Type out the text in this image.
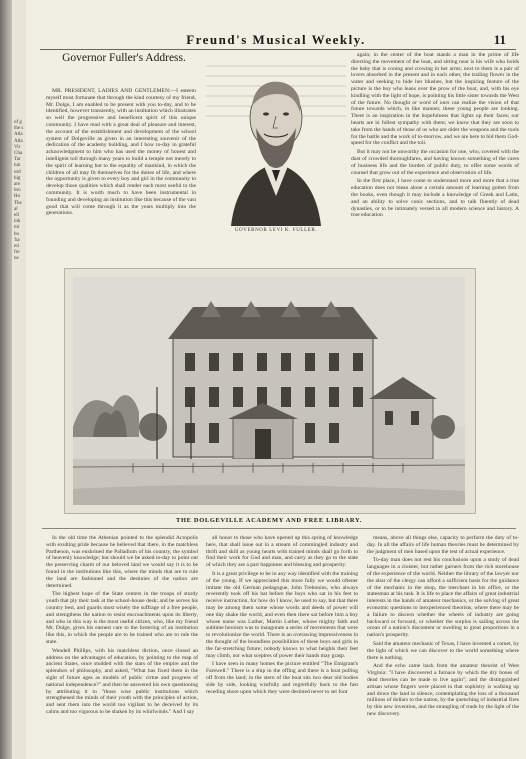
of g
the s
Atla
Atla
Vir
Cha
Tar
tun
ord
hig
are
bro
Ho
The
al
ell
ink
mi
bu
'ha
ed
fre
ne
Freund's Musical Weekly.	11
Governor Fuller's Address.

MR. PRESIDENT, LADIES AND GENTLEMEN:—I esteem myself most fortunate that through the kind courtesy of my friend, Mr. Dolge, I am enabled to be present with you to-day, and to be identified, however transiently, with an institution which illustrates so well the progressive and beneficent spirit of this unique community. I have read with a great deal of pleasure and interest, the account of the establishment and development of the school system of Dolgeville as given in an interesting souvenir of the dedication of the academy building, and I bow to-day in grateful acknowledgment to him who has used the money of honest and intelligent toil through many years to build a temple not merely to the spirit of learning but to the equality of mankind, in which the children of all may fit themselves for the duties of life, and where the opportunity is given to every boy and girl in the community to develop those qualities which shall render each most useful to the community. It is worth much to have been instrumental in founding and developing an institution like this because of the vast good that will come through it as the years multiply into the generations.

GOVERNOR LEVI K. FULLER.

again; in the center of the boat stands a man in the prime of life directing the movement of the boat, and sitting near is his wife who holds the baby that is cooing and crowing in her arms; next to them is a pair of lovers absorbed in the present and in each other, the trailing flower in the water and seeking to hide her blushes, but the inspiring feature of the picture is the boy who leans over the prow of the boat, and, with his eye kindling with the light of hope, is pointing his little sister towards the West of the future. No thought or word of ours can realize the vision of that future towards which, in like manner, these young people are looking. There is an inspiration in the hopefulness that lights up their faces; our hearts are in fullest sympathy with them; we know that they are soon to take from the hands of those of us who are older the weapons and the tools for the battle and the work of to-morrow, and we are here to bid them God-speed for the conflict and the toil.

But it may not be unworthy the occasion for one, who, covered with the dust of crowded thoroughfares, and having known something of the cares of business life and the burden of public duty, to offer some words of counsel that grow out of the experience and observation of life.

In the first place, I have come to understand more and more that a true education does not mean alone a certain amount of learning gotten from the books, even though it may include a knowledge of Greek and Latin, and an ability to solve conic sections, and to talk fluently of dead dynasties, or to be intimately versed in all modern science and history. A true education

THE DOLGEVILLE ACADEMY AND FREE LIBRARY.

In the old time the Athenian pointed to the splendid Acropolis with exulting pride because he believed that there, in the matchless Parthenon, was enshrined the Palladium of his country, the symbol of heavenly knowledge; but should we be asked to-day to point out the preserving charm of our beloved land we would say it is to be found in the institutions like this, where the minds that are to rule the land are fashioned and the destinies of the nation are determined.

The highest hope of the State centers in the troops of sturdy youth that ply their task at the school-house desk; and he serves his country best, and guards most wisely the suffrage of a free people, and strengthens the nation to resist encroachments upon its liberty, and who in this way is the most useful citizen, who, like my friend Mr. Dolge, gives his earnest care to the fostering of an institution like this, in which the people are to be trained who are to rule the state.

Wendell Phillips, with his matchless diction, once closed an address on the advantages of education, by pointing to the map of ancient States, once studded with the stars of the empire and the splendors of philosophy, and asked, "What has fixed them in the sight of future ages as models of public virtue and progress of national independence?" and then he answered his own questioning by attributing it to "those wise public institutions which strengthened the minds of their youth with the principles of action, and sent them into the world too vigilant to be deceived by its calms and too vigorous to be shaken by its whirlwinds." And I say

all honor to those who have opened up this spring of knowledge here, that shall issue out in a stream of commingled industry and thrift and skill as young hearts with trained minds shall go forth to find their work for God and man, and carry as they go to the state of which they are a part happiness and blessing and prosperity.

It is a great privilege to be in any way identified with the training of the young. If we appreciated this more fully we would oftener imitate the old German pedagogue, John Trebonius, who always reverently took off his hat before the boys who sat in his feet to receive instruction, for how do I know, he used to say, but that there may be among them some whose words and deeds of power will one day shake the world, and even then there sat before him a boy whose name was Luther, Martin Luther, whose mighty faith and sublime heroism was to inaugurate a series of movements that were to revolutionize the world. There is an overawing impressiveness in the thought of the boundless possibilities of these boys and girls in the far-stretching future; nobody knows to what heights their feet may climb, nor what sceptres of power their hands may grasp.

I have seen in many homes the picture entitled "The Emigrant's Farewell." There is a ship in the offing and there is a boat pulling off from the land; in the stern of the boat sits two dear old bodies side by side, looking wistfully and regretfully back to the fast receding shore upon which they were destined never to set foot

means, above all things else, capacity to perform the duty of to-day. In all the affairs of life human theories must be determined by the judgment of men based upon the test of actual experience.

To-day man does not rest his conclusions upon a study of dead languages in a cloister, but rather garners from the rich storehouse of the experience of the world. Neither the library of the lawyer nor the altar of the clergy can afford a sufficient basis for the guidance of the mechanic in the shop, the merchant in his office, or the statesman at his task. It is life to place the affairs of great industrial interests in the hands of amateur mechanics, or the solving of great economic questions to inexperienced theorists, where there may be a failure to discern whether the wheels of industry are going backward or forward, or whether the surplus is sailing across the ocean of a nation's discontent or swelling to great proportions in a nation's prosperity.

Said the amateur mechanic of Texas, I have invented a comet, by the light of which we can discover to the world something where there is nothing.

And the echo came back from the amateur theorist of West Virginia: "I have discovered a furnace by which the dry bones of dead theories can be made to live again"; and the distinguished artisan whose fingers were placed in that sophistry is walking up and down the land in silence, contemplating the loss of a thousand millions of dollars to the nation, by the quenching of industrial fires by this new invention, and the strangling of trade by the light of the new discovery.
